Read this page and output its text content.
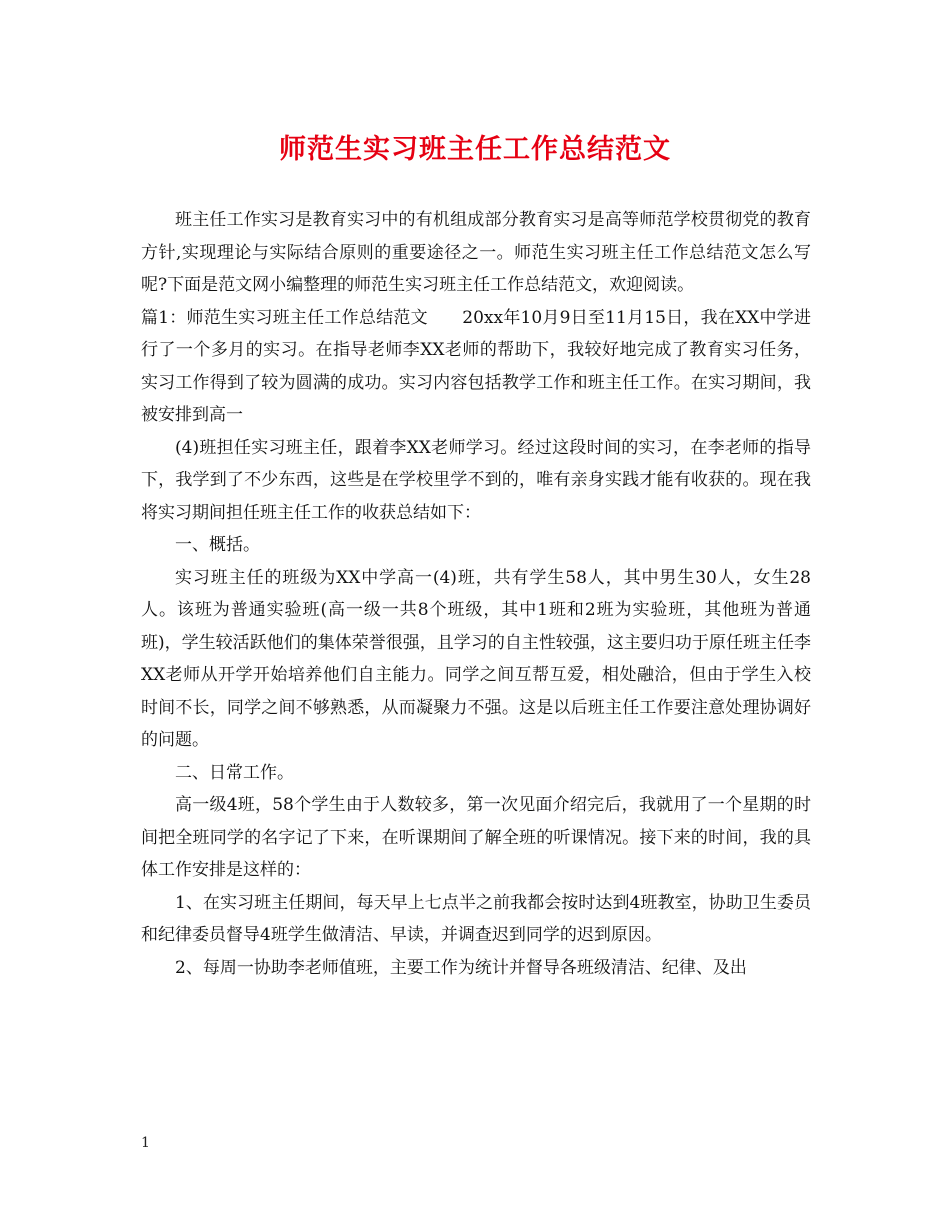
师范生实习班主任工作总结范文

班主任工作实习是教育实习中的有机组成部分教育实习是高等师范学校贯彻党的教育方针,实现理论与实际结合原则的重要途径之一。师范生实习班主任工作总结范文怎么写呢?下面是范文网小编整理的师范生实习班主任工作总结范文，欢迎阅读。

篇1：师范生实习班主任工作总结范文　　20xx年10月9日至11月15日，我在XX中学进行了一个多月的实习。在指导老师李XX老师的帮助下，我较好地完成了教育实习任务，实习工作得到了较为圆满的成功。实习内容包括教学工作和班主任工作。在实习期间，我被安排到高一

(4)班担任实习班主任，跟着李XX老师学习。经过这段时间的实习，在李老师的指导下，我学到了不少东西，这些是在学校里学不到的，唯有亲身实践才能有收获的。现在我将实习期间担任班主任工作的收获总结如下：

一、概括。

实习班主任的班级为XX中学高一(4)班，共有学生58人，其中男生30人，女生28人。该班为普通实验班(高一级一共8个班级，其中1班和2班为实验班，其他班为普通班)，学生较活跃他们的集体荣誉很强，且学习的自主性较强，这主要归功于原任班主任李XX老师从开学开始培养他们自主能力。同学之间互帮互爱，相处融洽，但由于学生入校时间不长，同学之间不够熟悉，从而凝聚力不强。这是以后班主任工作要注意处理协调好的问题。

二、日常工作。

高一级4班，58个学生由于人数较多，第一次见面介绍完后，我就用了一个星期的时间把全班同学的名字记了下来，在听课期间了解全班的听课情况。接下来的时间，我的具体工作安排是这样的：

1、在实习班主任期间，每天早上七点半之前我都会按时达到4班教室，协助卫生委员和纪律委员督导4班学生做清洁、早读，并调查迟到同学的迟到原因。

2、每周一协助李老师值班，主要工作为统计并督导各班级清洁、纪律、及出

1
